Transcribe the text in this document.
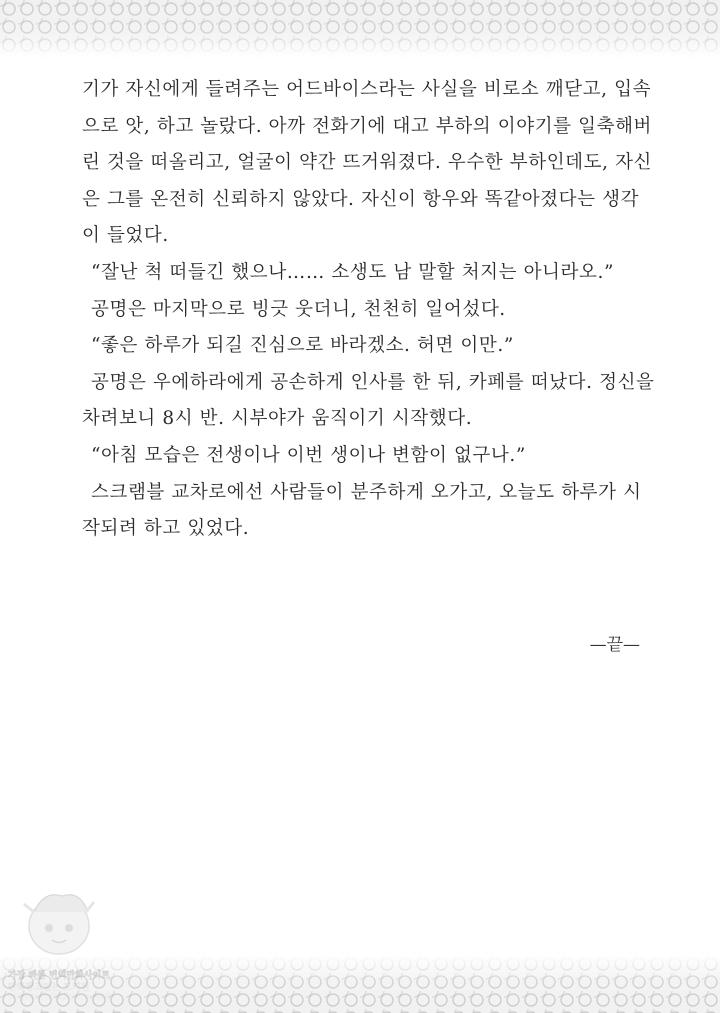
기가 자신에게 들려주는 어드바이스라는 사실을 비로소 깨닫고, 입속으로 앗, 하고 놀랐다. 아까 전화기에 대고 부하의 이야기를 일축해버린 것을 떠올리고, 얼굴이 약간 뜨거워졌다. 우수한 부하인데도, 자신은 그를 온전히 신뢰하지 않았다. 자신이 항우와 똑같아졌다는 생각이 들었다.

“잘난 척 떠들긴 했으나…… 소생도 남 말할 처지는 아니라오.”

공명은 마지막으로 빙긋 웃더니, 천천히 일어섰다.

“좋은 하루가 되길 진심으로 바라겠소. 허면 이만.”

공명은 우에하라에게 공손하게 인사를 한 뒤, 카페를 떠났다. 정신을 차려보니 8시 반. 시부야가 움직이기 시작했다.

“아침 모습은 전생이나 이번 생이나 변함이 없구나.”

스크램블 교차로에선 사람들이 분주하게 오가고, 오늘도 하루가 시작되려 하고 있었다.

—끝—
